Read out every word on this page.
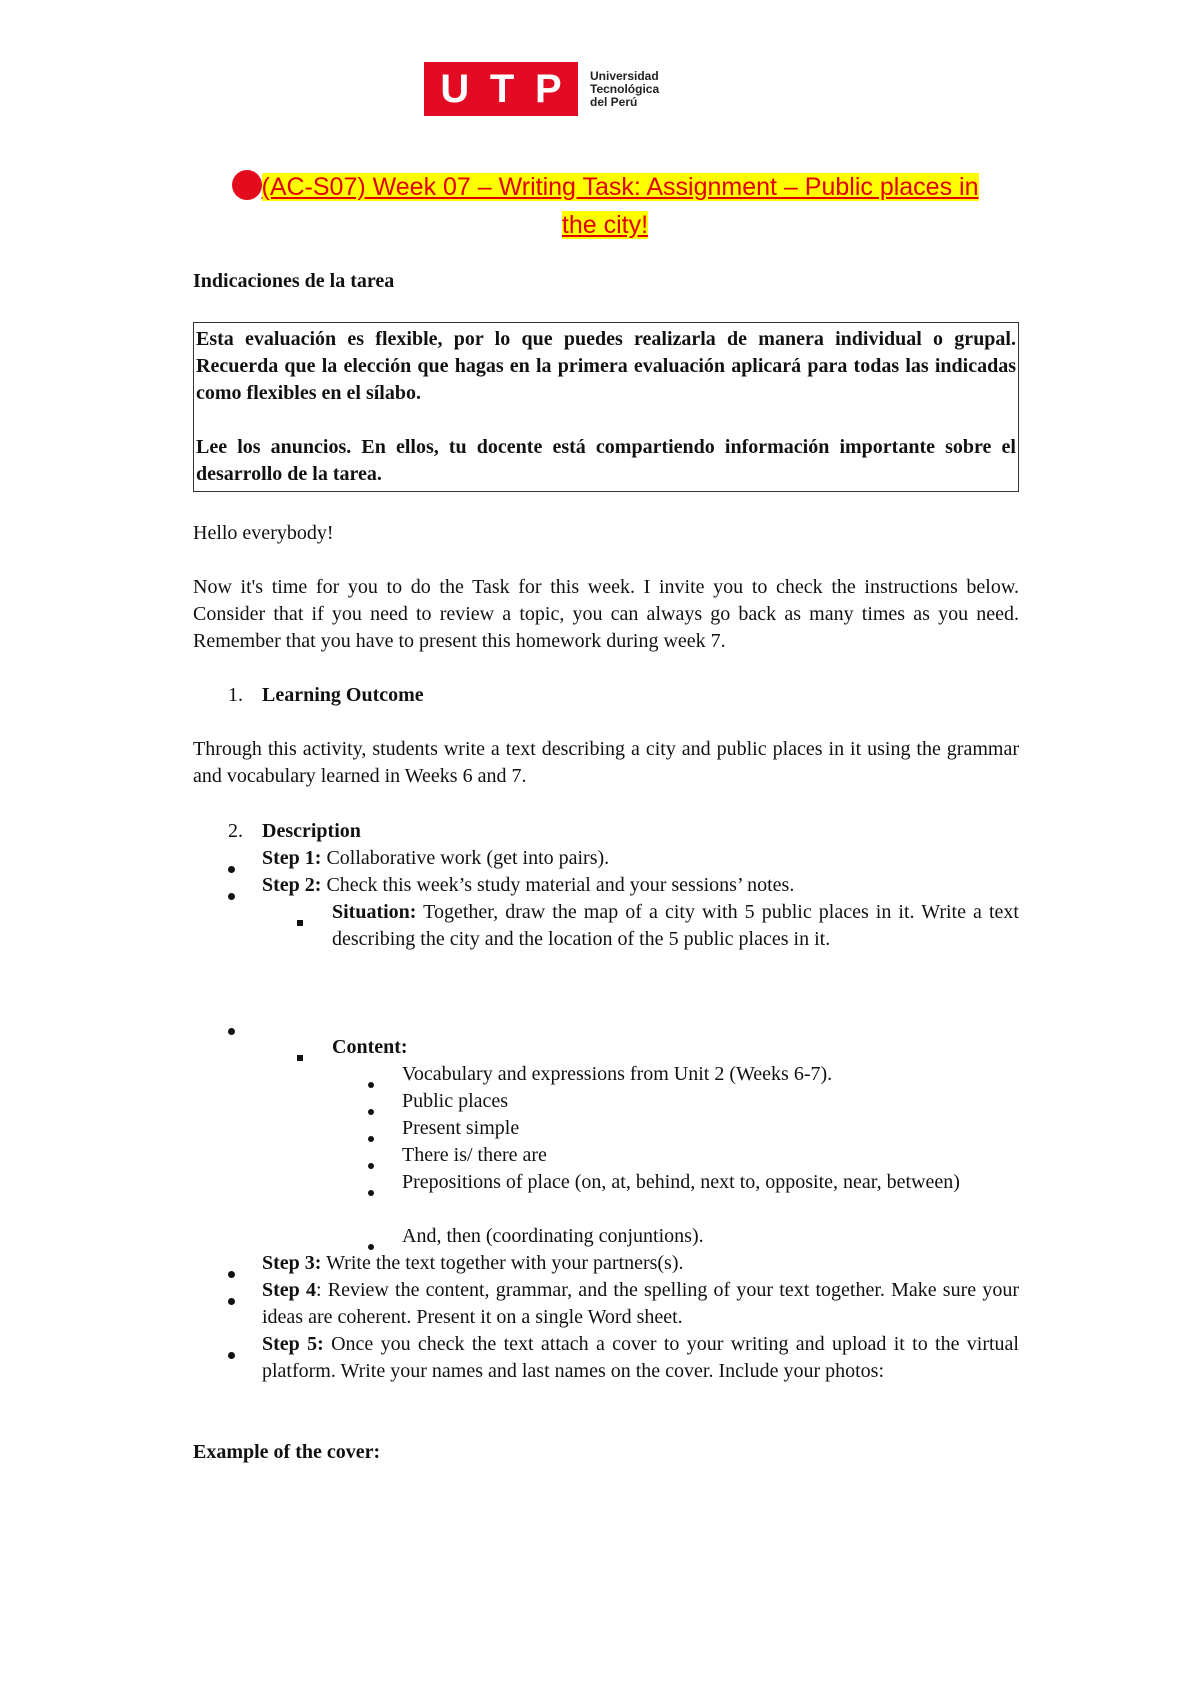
U T P Universidad
Tecnológica
del Perú
(AC-S07) Week 07 – Writing Task: Assignment – Public places in
the city!
Indicaciones de la tarea

Esta evaluación es flexible, por lo que puedes realizarla de manera individual o grupal. Recuerda que la elección que hagas en la primera evaluación aplicará para todas las indicadas como flexibles en el sílabo.

Lee los anuncios. En ellos, tu docente está compartiendo información importante sobre el desarrollo de la tarea.

Hello everybody!
Now it's time for you to do the Task for this week. I invite you to check the instructions below. Consider that if you need to review a topic, you can always go back as many times as you need. Remember that you have to present this homework during week 7.
1. Learning Outcome
Through this activity, students write a text describing a city and public places in it using the grammar and vocabulary learned in Weeks 6 and 7.
2. Description
Step 1: Collaborative work (get into pairs).
Step 2: Check this week’s study material and your sessions’ notes.
Situation: Together, draw the map of a city with 5 public places in it. Write a text describing the city and the location of the 5 public places in it.
Content:
Vocabulary and expressions from Unit 2 (Weeks 6-7).
Public places
Present simple
There is/ there are
Prepositions of place (on, at, behind, next to, opposite, near, between)
And, then (coordinating conjuntions).
Step 3: Write the text together with your partners(s).
Step 4: Review the content, grammar, and the spelling of your text together. Make sure your ideas are coherent. Present it on a single Word sheet.
Step 5: Once you check the text attach a cover to your writing and upload it to the virtual platform. Write your names and last names on the cover. Include your photos:
Example of the cover:
